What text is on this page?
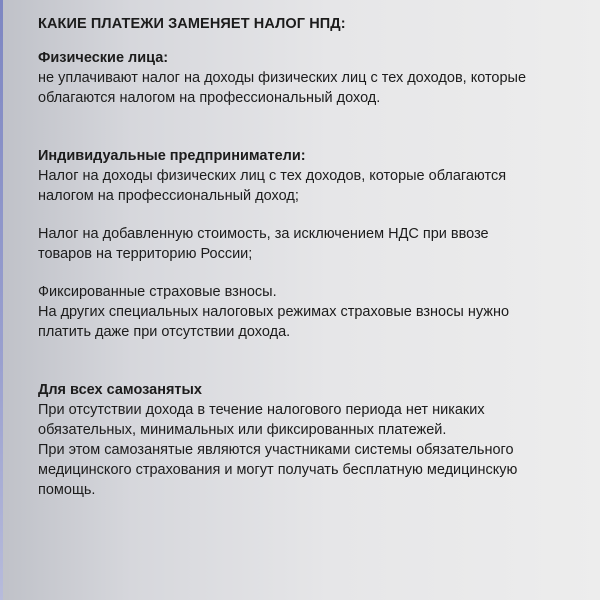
КАКИЕ ПЛАТЕЖИ ЗАМЕНЯЕТ НАЛОГ НПД:
Физические лица:
не уплачивают налог на доходы физических лиц с тех доходов, которые
облагаются налогом на профессиональный доход.
Индивидуальные предприниматели:
Налог на доходы физических лиц с тех доходов, которые облагаются
налогом на профессиональный доход;
Налог на добавленную стоимость, за исключением НДС при ввозе
товаров на территорию России;
Фиксированные страховые взносы.
На других специальных налоговых режимах страховые взносы нужно
платить даже при отсутствии дохода.
Для всех самозанятых
При отсутствии дохода в течение налогового периода нет никаких
обязательных, минимальных или фиксированных платежей.
При этом самозанятые являются участниками системы обязательного
медицинского страхования и могут получать бесплатную медицинскую
помощь.
